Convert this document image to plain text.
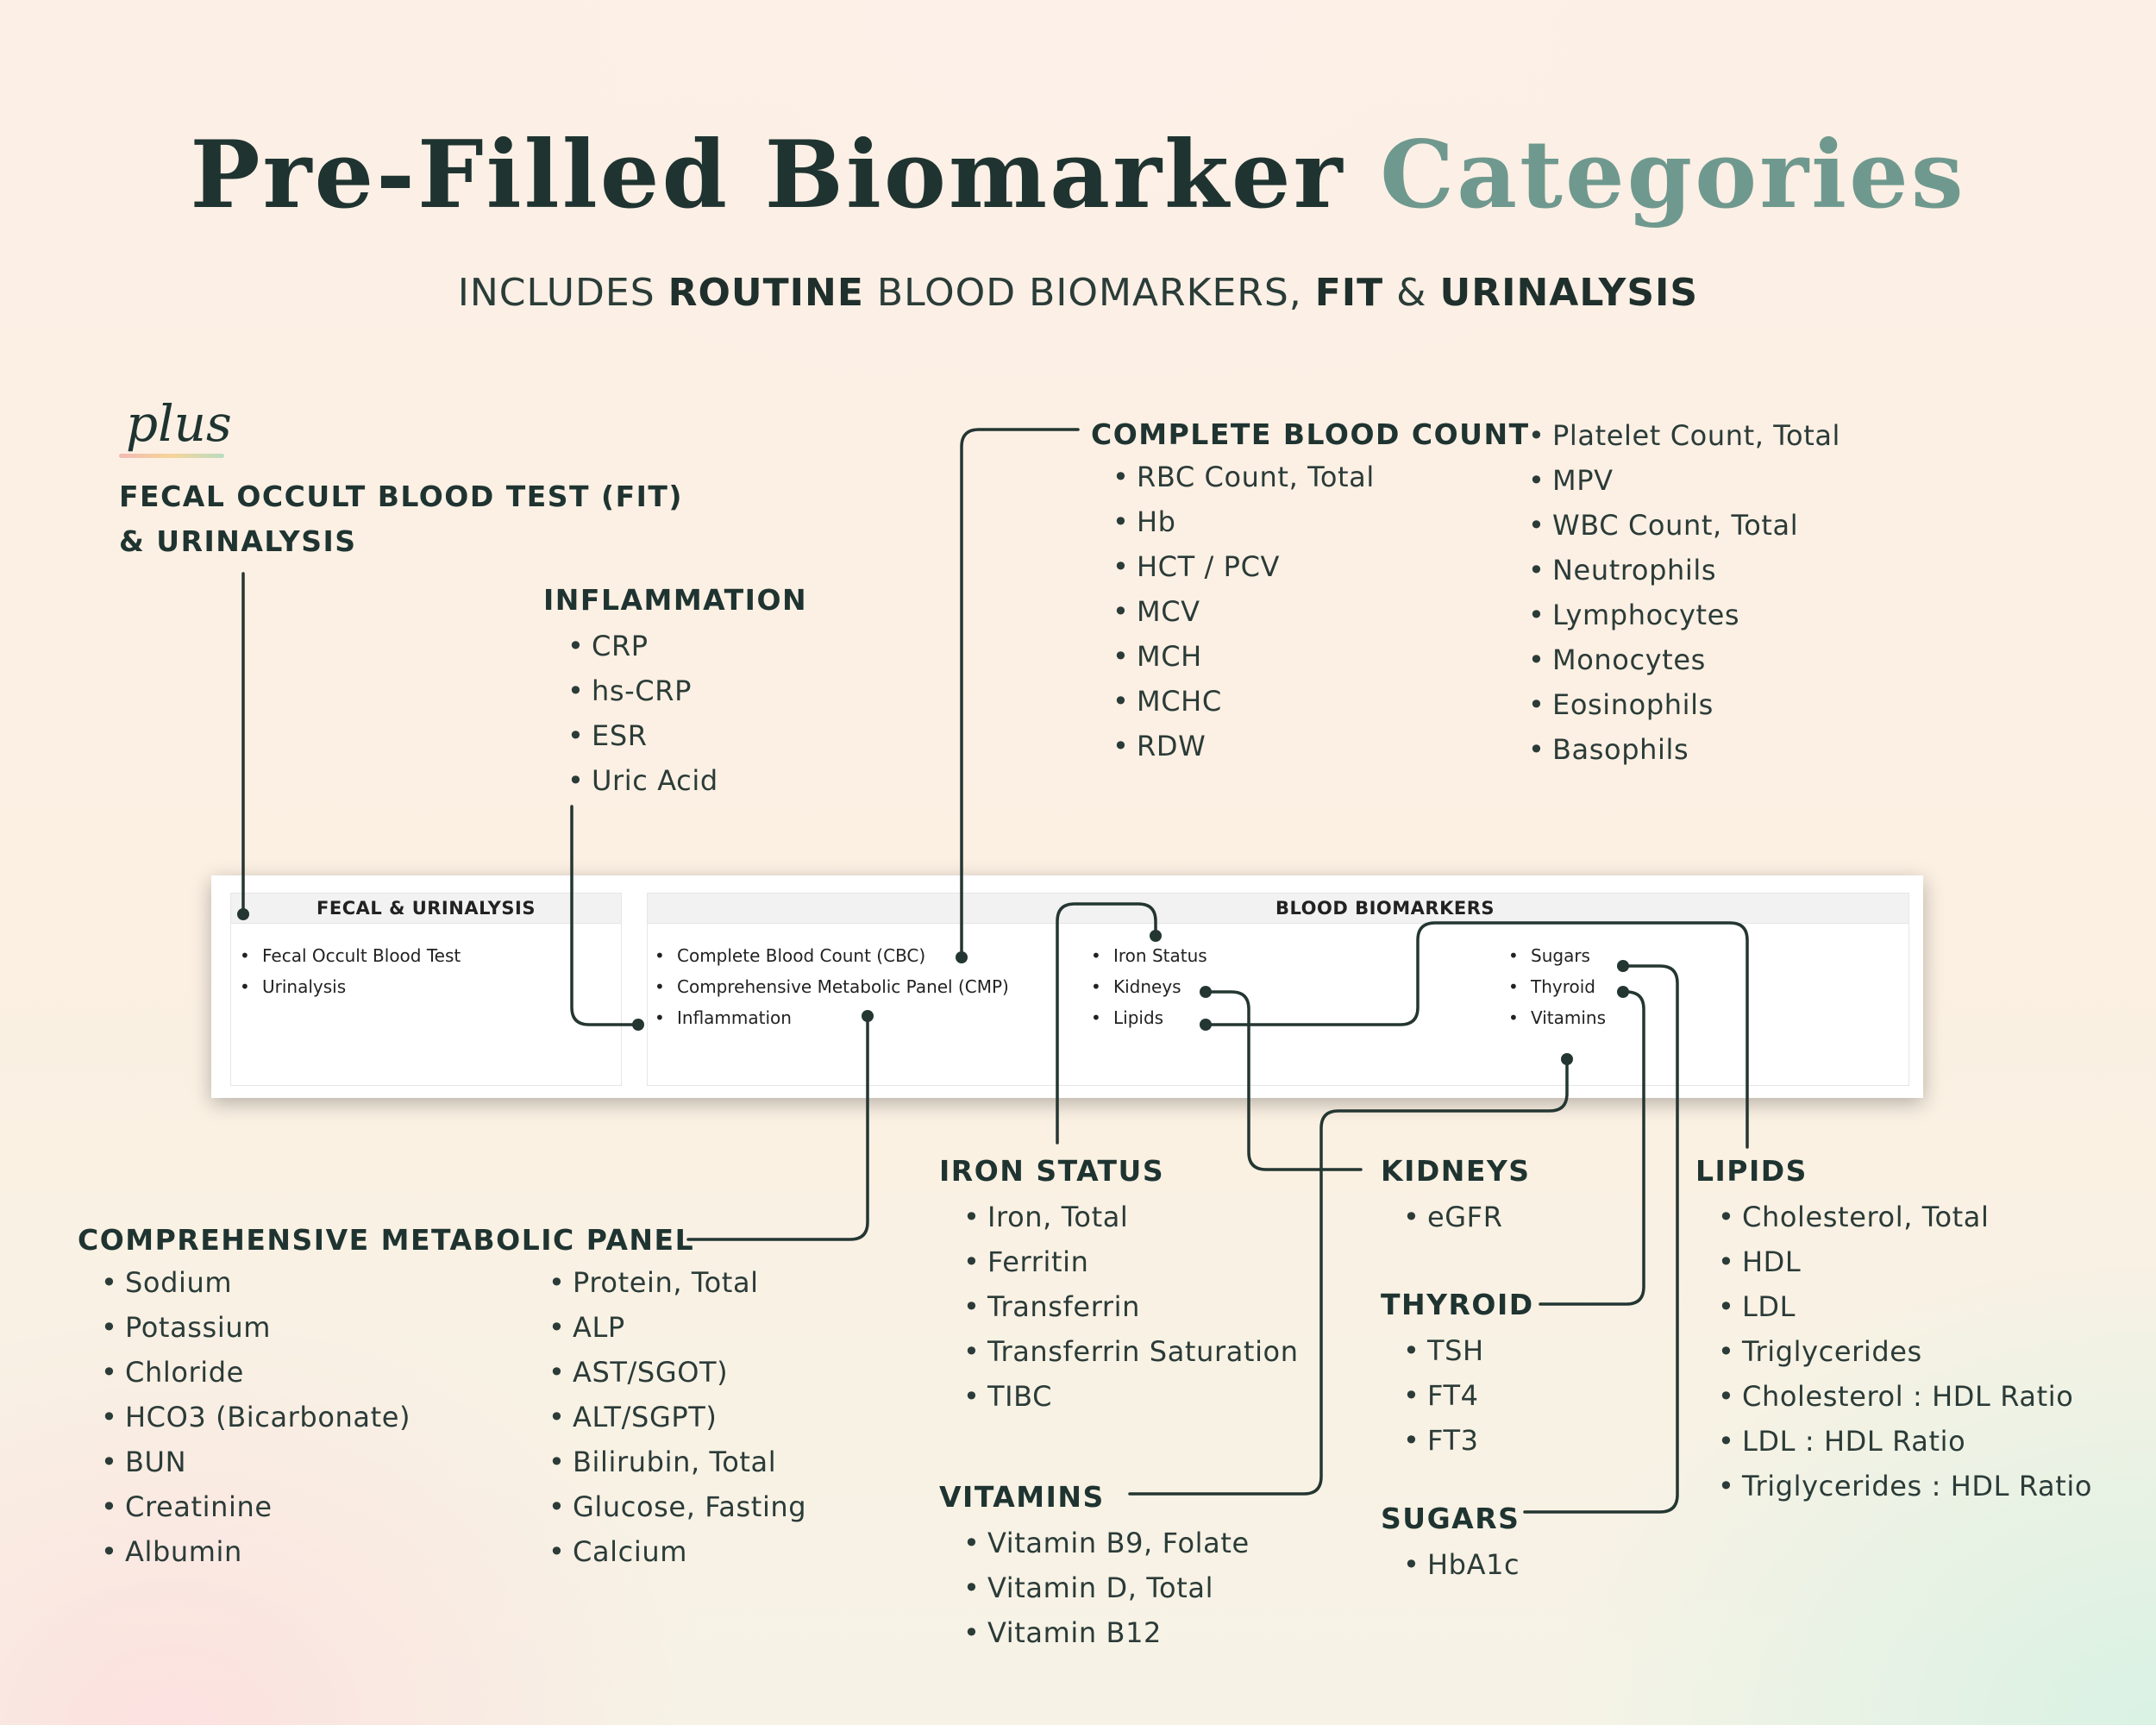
Pre-Filled Biomarker Categories
INCLUDES ROUTINE BLOOD BIOMARKERS, FIT & URINALYSIS
plus
FECAL OCCULT BLOOD TEST (FIT)
& URINALYSIS
INFLAMMATION
• CRP
• hs-CRP
• ESR
• Uric Acid
COMPLETE BLOOD COUNT
• RBC Count, Total
• Hb
• HCT / PCV
• MCV
• MCH
• MCHC
• RDW
• Platelet Count, Total
• MPV
• WBC Count, Total
• Neutrophils
• Lymphocytes
• Monocytes
• Eosinophils
• Basophils
FECAL & URINALYSIS
• Fecal Occult Blood Test
• Urinalysis
BLOOD BIOMARKERS
• Complete Blood Count (CBC)
• Comprehensive Metabolic Panel (CMP)
• Inflammation
• Iron Status
• Kidneys
• Lipids
• Sugars
• Thyroid
• Vitamins
COMPREHENSIVE METABOLIC PANEL
• Sodium
• Potassium
• Chloride
• HCO3 (Bicarbonate)
• BUN
• Creatinine
• Albumin
• Protein, Total
• ALP
• AST/SGOT)
• ALT/SGPT)
• Bilirubin, Total
• Glucose, Fasting
• Calcium
IRON STATUS
• Iron, Total
• Ferritin
• Transferrin
• Transferrin Saturation
• TIBC
VITAMINS
• Vitamin B9, Folate
• Vitamin D, Total
• Vitamin B12
KIDNEYS
• eGFR
THYROID
• TSH
• FT4
• FT3
SUGARS
• HbA1c
LIPIDS
• Cholesterol, Total
• HDL
• LDL
• Triglycerides
• Cholesterol : HDL Ratio
• LDL : HDL Ratio
• Triglycerides : HDL Ratio
